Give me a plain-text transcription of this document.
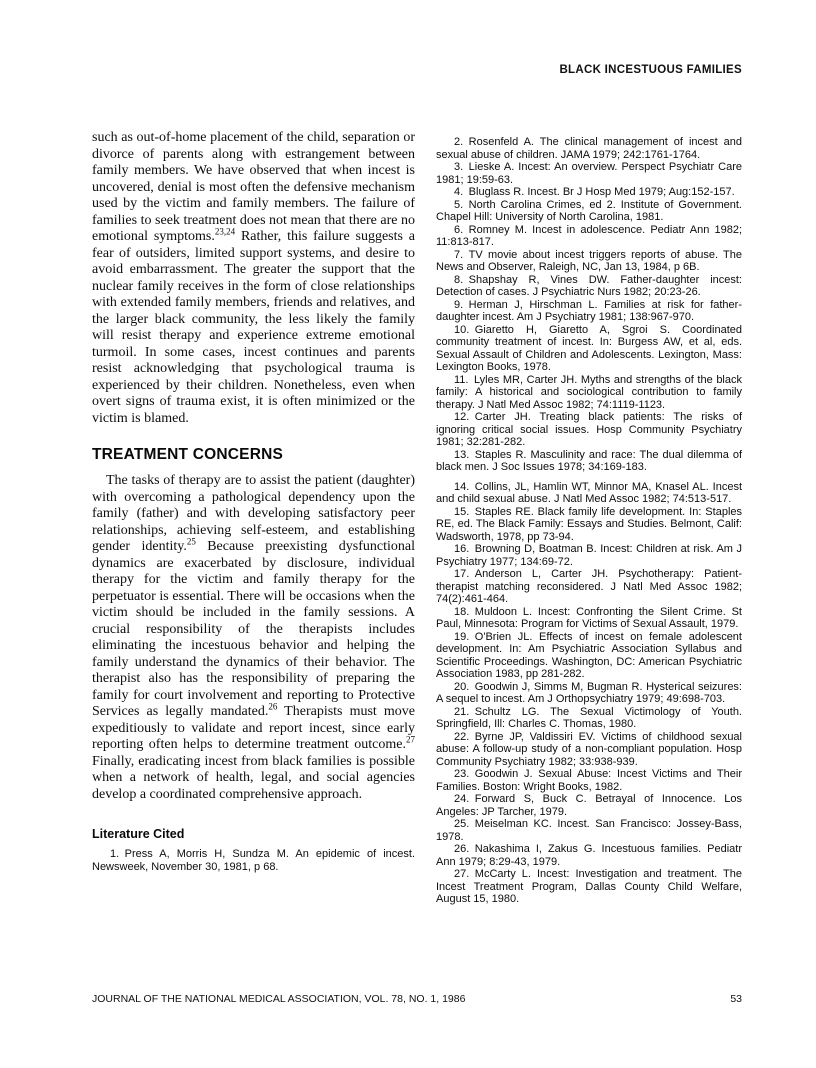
BLACK INCESTUOUS FAMILIES

such as out-of-home placement of the child, separation or divorce of parents along with estrangement between family members. We have observed that when incest is uncovered, denial is most often the defensive mechanism used by the victim and family members. The failure of families to seek treatment does not mean that there are no emotional symptoms.$^{23,24}$ Rather, this failure suggests a fear of outsiders, limited support systems, and desire to avoid embarrassment. The greater the support that the nuclear family receives in the form of close relationships with extended family members, friends and relatives, and the larger black community, the less likely the family will resist therapy and experience extreme emotional turmoil. In some cases, incest continues and parents resist acknowledging that psychological trauma is experienced by their children. Nonetheless, even when overt signs of trauma exist, it is often minimized or the victim is blamed.

TREATMENT CONCERNS

The tasks of therapy are to assist the patient (daughter) with overcoming a pathological dependency upon the family (father) and with developing satisfactory peer relationships, achieving self-esteem, and establishing gender identity.$^{25}$ Because preexisting dysfunctional dynamics are exacerbated by disclosure, individual therapy for the victim and family therapy for the perpetuator is essential. There will be occasions when the victim should be included in the family sessions. A crucial responsibility of the therapists includes eliminating the incestuous behavior and helping the family understand the dynamics of their behavior. The therapist also has the responsibility of preparing the family for court involvement and reporting to Protective Services as legally mandated.$^{26}$ Therapists must move expeditiously to validate and report incest, since early reporting often helps to determine treatment outcome.$^{27}$ Finally, eradicating incest from black families is possible when a network of health, legal, and social agencies develop a coordinated comprehensive approach.

Literature Cited

1. Press A, Morris H, Sundza M. An epidemic of incest. Newsweek, November 30, 1981, p 68.

2. Rosenfeld A. The clinical management of incest and sexual abuse of children. JAMA 1979; 242:1761-1764.

3. Lieske A. Incest: An overview. Perspect Psychiatr Care 1981; 19:59-63.

4. Bluglass R. Incest. Br J Hosp Med 1979; Aug:152-157.

5. North Carolina Crimes, ed 2. Institute of Government. Chapel Hill: University of North Carolina, 1981.

6. Romney M. Incest in adolescence. Pediatr Ann 1982; 11:813-817.

7. TV movie about incest triggers reports of abuse. The News and Observer, Raleigh, NC, Jan 13, 1984, p 6B.

8. Shapshay R, Vines DW. Father-daughter incest: Detection of cases. J Psychiatric Nurs 1982; 20:23-26.

9. Herman J, Hirschman L. Families at risk for father-daughter incest. Am J Psychiatry 1981; 138:967-970.

10. Giaretto H, Giaretto A, Sgroi S. Coordinated community treatment of incest. In: Burgess AW, et al, eds. Sexual Assault of Children and Adolescents. Lexington, Mass: Lexington Books, 1978.

11. Lyles MR, Carter JH. Myths and strengths of the black family: A historical and sociological contribution to family therapy. J Natl Med Assoc 1982; 74:1119-1123.

12. Carter JH. Treating black patients: The risks of ignoring critical social issues. Hosp Community Psychiatry 1981; 32:281-282.

13. Staples R. Masculinity and race: The dual dilemma of black men. J Soc Issues 1978; 34:169-183.

14. Collins, JL, Hamlin WT, Minnor MA, Knasel AL. Incest and child sexual abuse. J Natl Med Assoc 1982; 74:513-517.

15. Staples RE. Black family life development. In: Staples RE, ed. The Black Family: Essays and Studies. Belmont, Calif: Wadsworth, 1978, pp 73-94.

16. Browning D, Boatman B. Incest: Children at risk. Am J Psychiatry 1977; 134:69-72.

17. Anderson L, Carter JH. Psychotherapy: Patient-therapist matching reconsidered. J Natl Med Assoc 1982; 74(2):461-464.

18. Muldoon L. Incest: Confronting the Silent Crime. St Paul, Minnesota: Program for Victims of Sexual Assault, 1979.

19. O'Brien JL. Effects of incest on female adolescent development. In: Am Psychiatric Association Syllabus and Scientific Proceedings. Washington, DC: American Psychiatric Association 1983, pp 281-282.

20. Goodwin J, Simms M, Bugman R. Hysterical seizures: A sequel to incest. Am J Orthopsychiatry 1979; 49:698-703.

21. Schultz LG. The Sexual Victimology of Youth. Springfield, Ill: Charles C. Thomas, 1980.

22. Byrne JP, Valdissiri EV. Victims of childhood sexual abuse: A follow-up study of a non-compliant population. Hosp Community Psychiatry 1982; 33:938-939.

23. Goodwin J. Sexual Abuse: Incest Victims and Their Families. Boston: Wright Books, 1982.

24. Forward S, Buck C. Betrayal of Innocence. Los Angeles: JP Tarcher, 1979.

25. Meiselman KC. Incest. San Francisco: Jossey-Bass, 1978.

26. Nakashima I, Zakus G. Incestuous families. Pediatr Ann 1979; 8:29-43, 1979.

27. McCarty L. Incest: Investigation and treatment. The Incest Treatment Program, Dallas County Child Welfare, August 15, 1980.

JOURNAL OF THE NATIONAL MEDICAL ASSOCIATION, VOL. 78, NO. 1, 1986	53
